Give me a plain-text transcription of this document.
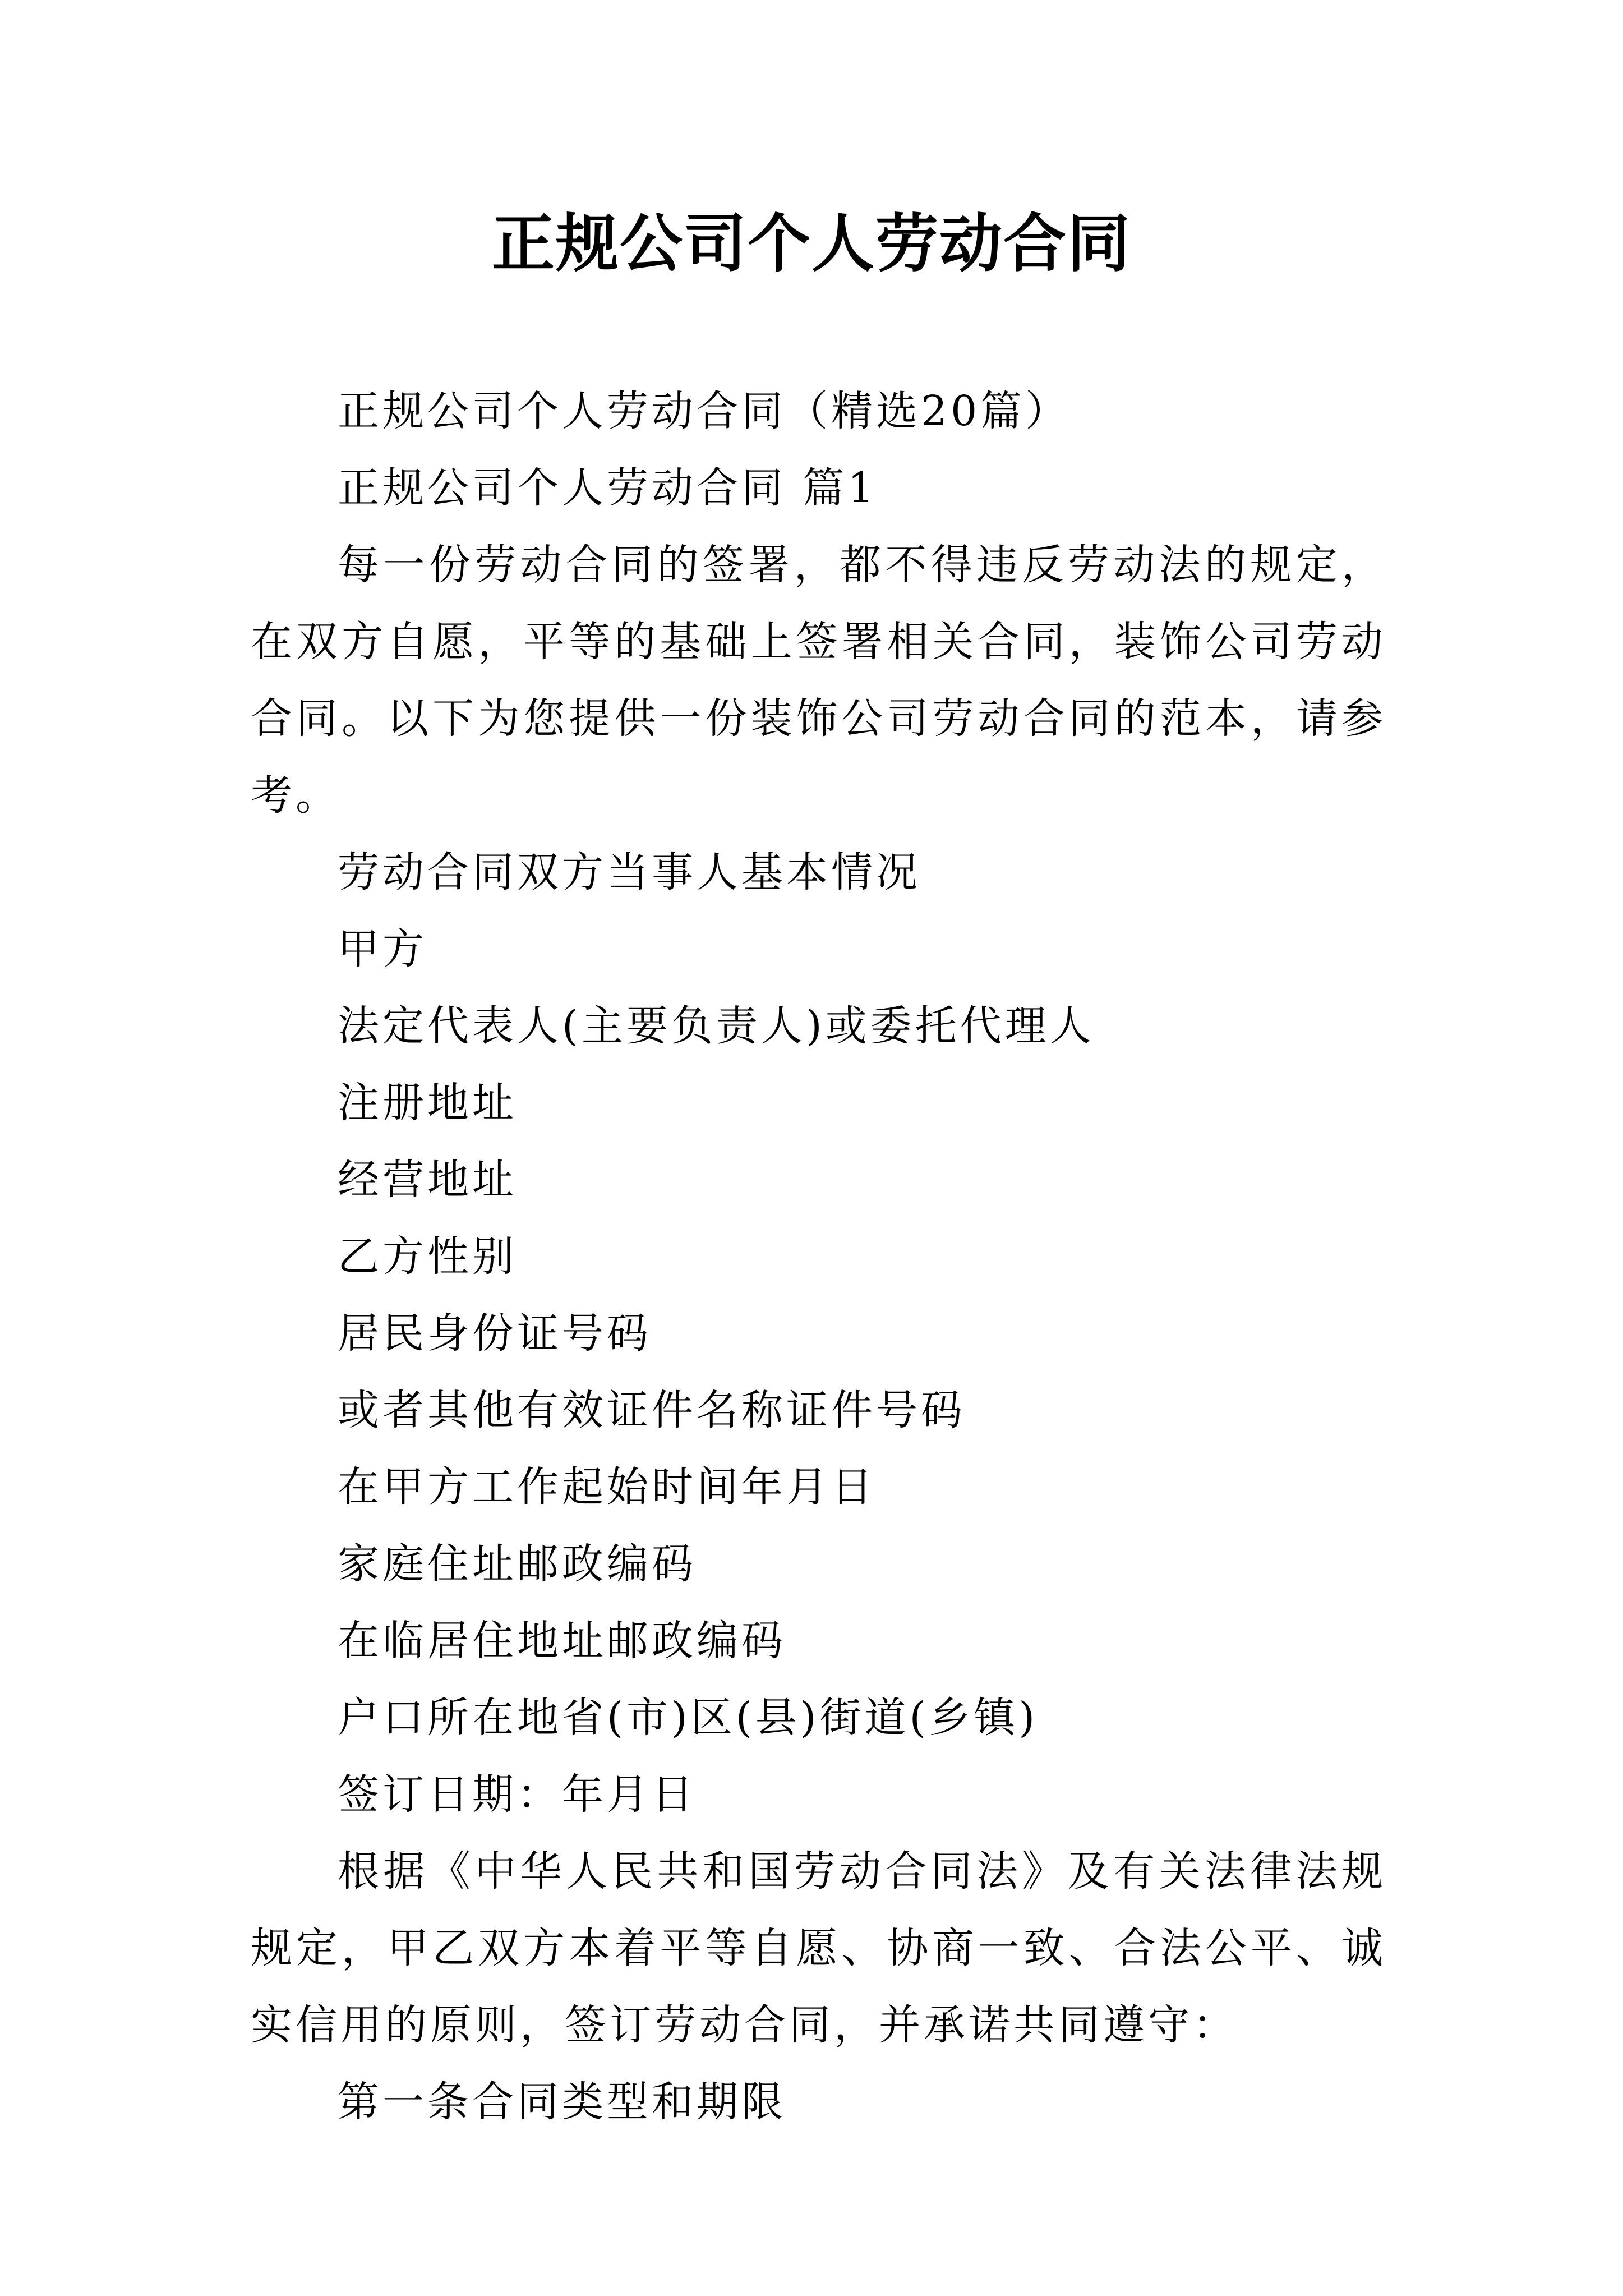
正规公司个人劳动合同

正规公司个人劳动合同（精选20篇）

正规公司个人劳动合同 篇1

每一份劳动合同的签署，都不得违反劳动法的规定，在双方自愿，平等的基础上签署相关合同，装饰公司劳动合同。以下为您提供一份装饰公司劳动合同的范本，请参考。

劳动合同双方当事人基本情况

甲方

法定代表人(主要负责人)或委托代理人

注册地址

经营地址

乙方性别

居民身份证号码

或者其他有效证件名称证件号码

在甲方工作起始时间年月日

家庭住址邮政编码

在临居住地址邮政编码

户口所在地省(市)区(县)街道(乡镇)

签订日期：年月日

根据《中华人民共和国劳动合同法》及有关法律法规规定，甲乙双方本着平等自愿、协商一致、合法公平、诚实信用的原则，签订劳动合同，并承诺共同遵守：

第一条合同类型和期限
